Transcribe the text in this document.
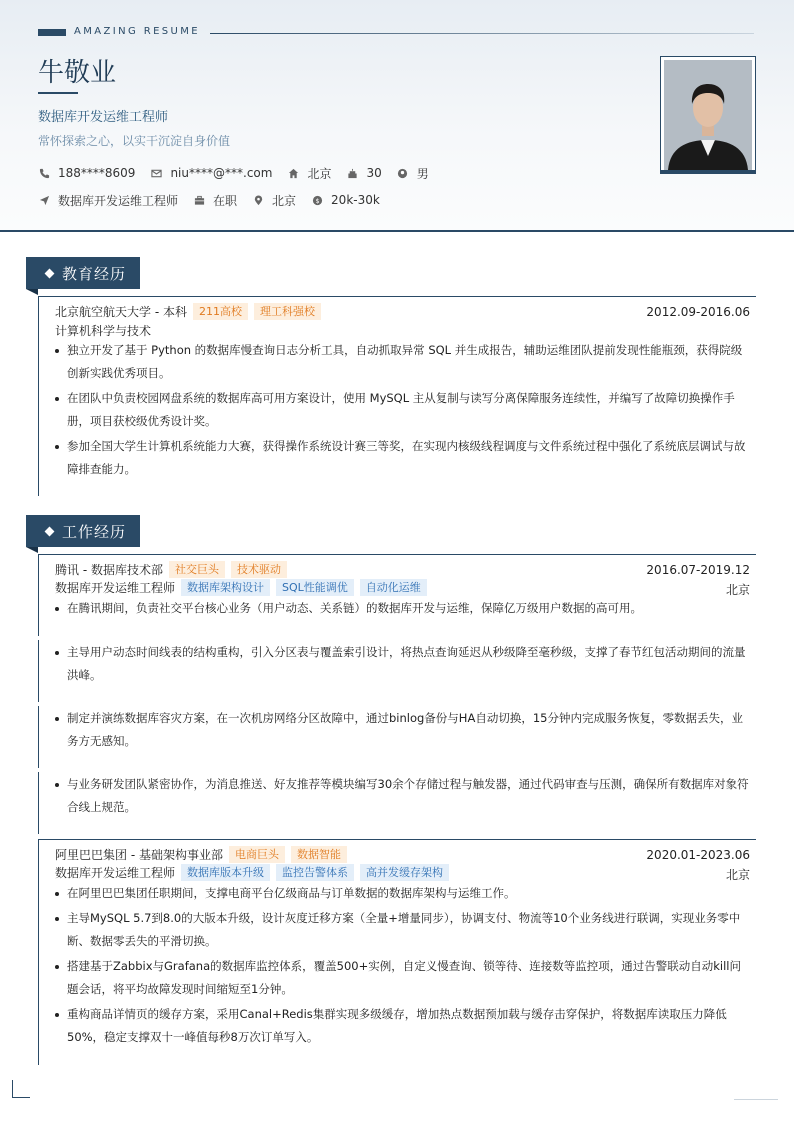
AMAZING RESUME
牛敬业
数据库开发运维工程师
常怀探索之心，以实干沉淀自身价值
188****8609	niu****@***.com	北京	30	男
数据库开发运维工程师	在职	北京	$ 20k-30k
教育经历
北京航空航天大学 - 本科	211高校	理工科强校	2012.09-2016.06
计算机科学与技术
独立开发了基于 Python 的数据库慢查询日志分析工具，自动抓取异常 SQL 并生成报告，辅助运维团队提前发现性能瓶颈，获得院级创新实践优秀项目。
在团队中负责校园网盘系统的数据库高可用方案设计，使用 MySQL 主从复制与读写分离保障服务连续性，并编写了故障切换操作手册，项目获校级优秀设计奖。
参加全国大学生计算机系统能力大赛，获得操作系统设计赛三等奖，在实现内核级线程调度与文件系统过程中强化了系统底层调试与故障排查能力。
工作经历
腾讯 - 数据库技术部	社交巨头	技术驱动	2016.07-2019.12
数据库开发运维工程师	数据库架构设计	SQL性能调优	自动化运维	北京
在腾讯期间，负责社交平台核心业务（用户动态、关系链）的数据库开发与运维，保障亿万级用户数据的高可用。
主导用户动态时间线表的结构重构，引入分区表与覆盖索引设计，将热点查询延迟从秒级降至毫秒级，支撑了春节红包活动期间的流量洪峰。
制定并演练数据库容灾方案，在一次机房网络分区故障中，通过binlog备份与HA自动切换，15分钟内完成服务恢复，零数据丢失，业务方无感知。
与业务研发团队紧密协作，为消息推送、好友推荐等模块编写30余个存储过程与触发器，通过代码审查与压测，确保所有数据库对象符合线上规范。
阿里巴巴集团 - 基础架构事业部	电商巨头	数据智能	2020.01-2023.06
数据库开发运维工程师	数据库版本升级	监控告警体系	高并发缓存架构	北京
在阿里巴巴集团任职期间，支撑电商平台亿级商品与订单数据的数据库架构与运维工作。
主导MySQL 5.7到8.0的大版本升级，设计灰度迁移方案（全量+增量同步），协调支付、物流等10个业务线进行联调，实现业务零中断、数据零丢失的平滑切换。
搭建基于Zabbix与Grafana的数据库监控体系，覆盖500+实例，自定义慢查询、锁等待、连接数等监控项，通过告警联动自动kill问题会话，将平均故障发现时间缩短至1分钟。
重构商品详情页的缓存方案，采用Canal+Redis集群实现多级缓存，增加热点数据预加载与缓存击穿保护，将数据库读取压力降低50%，稳定支撑双十一峰值每秒8万次订单写入。
